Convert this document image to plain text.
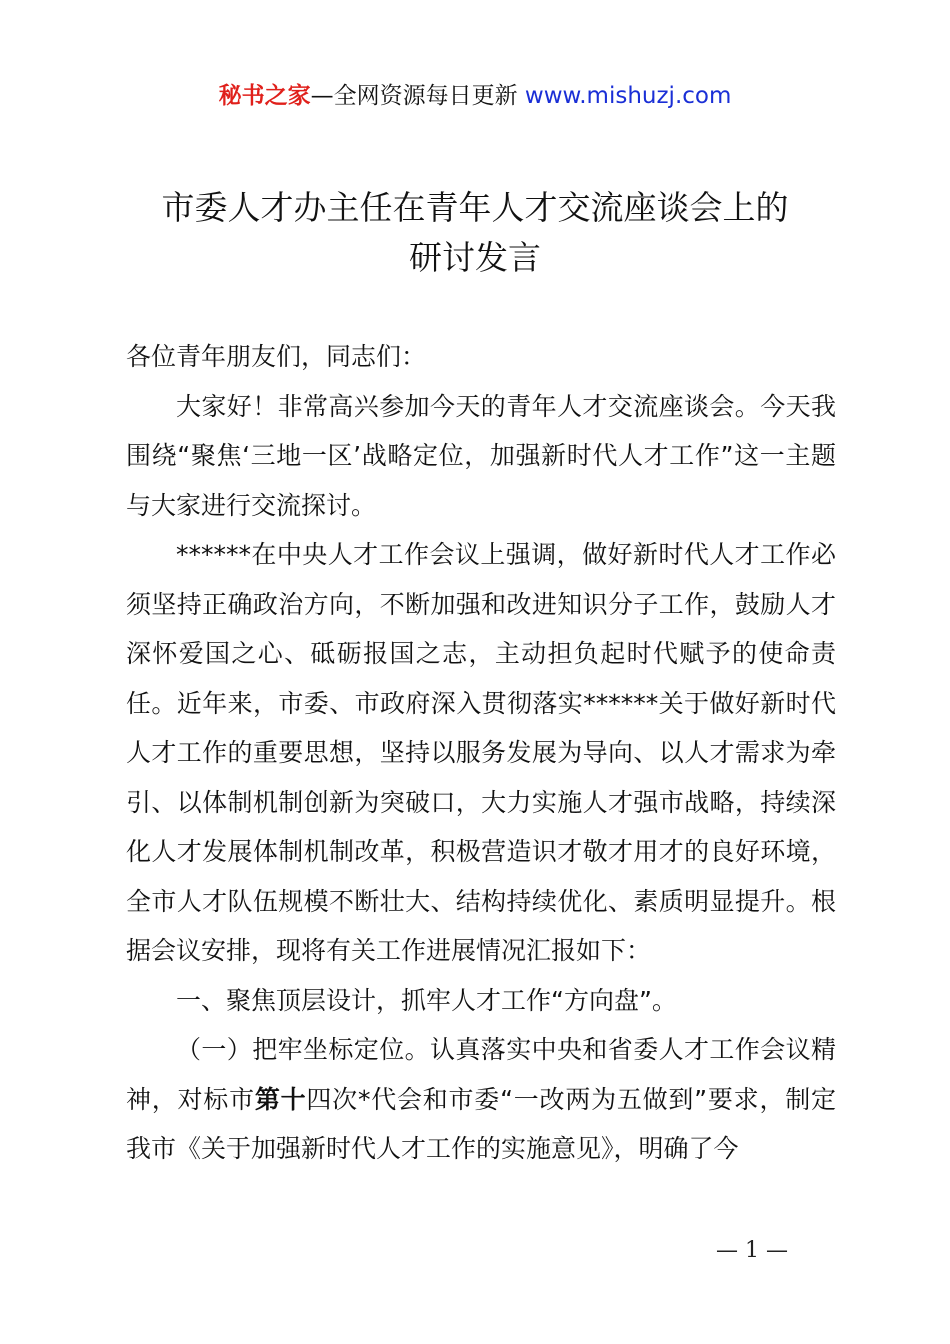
秘书之家—全网资源每日更新 www.mishuzj.com
市委人才办主任在青年人才交流座谈会上的
研讨发言

各位青年朋友们，同志们：

大家好！非常高兴参加今天的青年人才交流座谈会。今天我围绕“聚焦‘三地一区’战略定位，加强新时代人才工作”这一主题与大家进行交流探讨。

******在中央人才工作会议上强调，做好新时代人才工作必须坚持正确政治方向，不断加强和改进知识分子工作，鼓励人才深怀爱国之心、砥砺报国之志，主动担负起时代赋予的使命责任。近年来，市委、市政府深入贯彻落实******关于做好新时代人才工作的重要思想，坚持以服务发展为导向、以人才需求为牵引、以体制机制创新为突破口，大力实施人才强市战略，持续深化人才发展体制机制改革，积极营造识才敬才用才的良好环境，全市人才队伍规模不断壮大、结构持续优化、素质明显提升。根据会议安排，现将有关工作进展情况汇报如下：

一、聚焦顶层设计，抓牢人才工作“方向盘”。

（一）把牢坐标定位。认真落实中央和省委人才工作会议精神，对标市第十四次*代会和市委“一改两为五做到”要求，制定我市《关于加强新时代人才工作的实施意见》，明确了今

— 1 —
